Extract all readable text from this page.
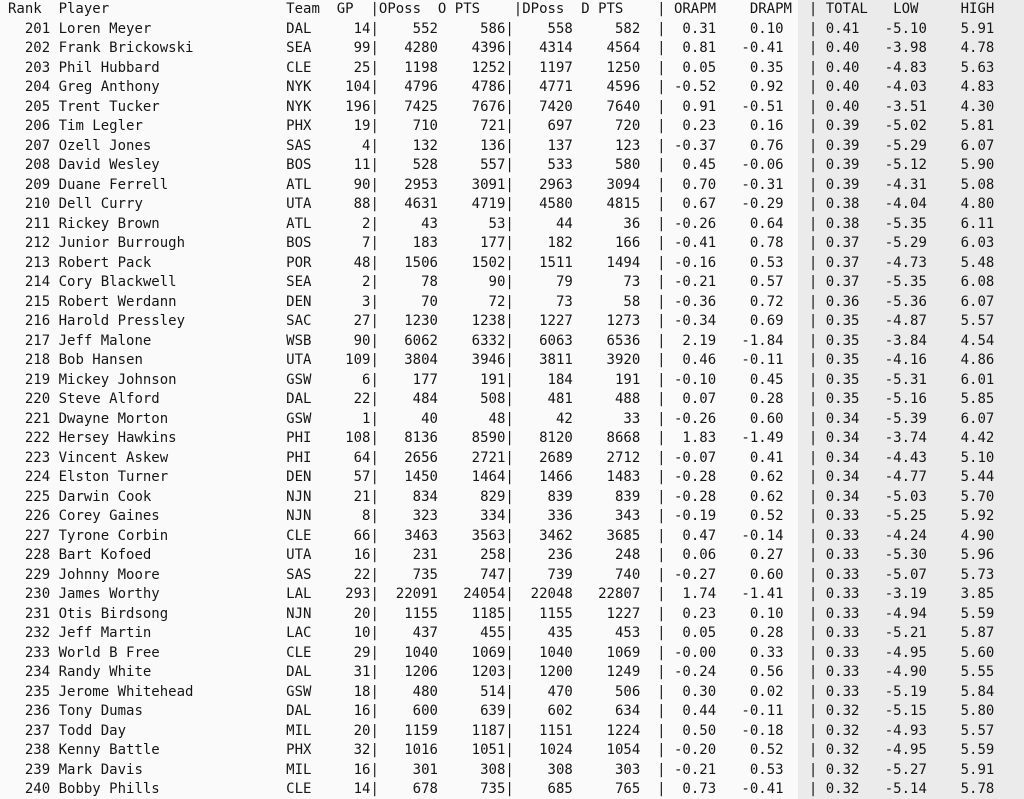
Rank Player	Team GP |OPoss O PTS |DPoss D PTS | ORAPM DRAPM | TOTAL LOW	HIGH
201 Loren Meyer                DAL     14|    552     586|    558     582  |  0.31    0.10   | 0.41   -5.10    5.91
202 Frank Brickowski           SEA     99|   4280    4396|   4314    4564  |  0.81   -0.41   | 0.40   -3.98    4.78
203 Phil Hubbard               CLE     25|   1198    1252|   1197    1250  |  0.05    0.35   | 0.40   -4.83    5.63
204 Greg Anthony               NYK    104|   4796    4786|   4771    4596  | -0.52    0.92   | 0.40   -4.03    4.83
205 Trent Tucker               NYK    196|   7425    7676|   7420    7640  |  0.91   -0.51   | 0.40   -3.51    4.30
206 Tim Legler                 PHX     19|    710     721|    697     720  |  0.23    0.16   | 0.39   -5.02    5.81
207 Ozell Jones                SAS      4|    132     136|    137     123  | -0.37    0.76   | 0.39   -5.29    6.07
208 David Wesley               BOS     11|    528     557|    533     580  |  0.45   -0.06   | 0.39   -5.12    5.90
209 Duane Ferrell              ATL     90|   2953    3091|   2963    3094  |  0.70   -0.31   | 0.39   -4.31    5.08
210 Dell Curry                 UTA     88|   4631    4719|   4580    4815  |  0.67   -0.29   | 0.38   -4.04    4.80
211 Rickey Brown               ATL      2|     43      53|     44      36  | -0.26    0.64   | 0.38   -5.35    6.11
212 Junior Burrough            BOS      7|    183     177|    182     166  | -0.41    0.78   | 0.37   -5.29    6.03
213 Robert Pack                POR     48|   1506    1502|   1511    1494  | -0.16    0.53   | 0.37   -4.73    5.48
214 Cory Blackwell             SEA      2|     78      90|     79      73  | -0.21    0.57   | 0.37   -5.35    6.08
215 Robert Werdann             DEN      3|     70      72|     73      58  | -0.36    0.72   | 0.36   -5.36    6.07
216 Harold Pressley            SAC     27|   1230    1238|   1227    1273  | -0.34    0.69   | 0.35   -4.87    5.57
217 Jeff Malone                WSB     90|   6062    6332|   6063    6536  |  2.19   -1.84   | 0.35   -3.84    4.54
218 Bob Hansen                 UTA    109|   3804    3946|   3811    3920  |  0.46   -0.11   | 0.35   -4.16    4.86
219 Mickey Johnson             GSW      6|    177     191|    184     191  | -0.10    0.45   | 0.35   -5.31    6.01
220 Steve Alford               DAL     22|    484     508|    481     488  |  0.07    0.28   | 0.35   -5.16    5.85
221 Dwayne Morton              GSW      1|     40      48|     42      33  | -0.26    0.60   | 0.34   -5.39    6.07
222 Hersey Hawkins             PHI    108|   8136    8590|   8120    8668  |  1.83   -1.49   | 0.34   -3.74    4.42
223 Vincent Askew              PHI     64|   2656    2721|   2689    2712  | -0.07    0.41   | 0.34   -4.43    5.10
224 Elston Turner              DEN     57|   1450    1464|   1466    1483  | -0.28    0.62   | 0.34   -4.77    5.44
225 Darwin Cook                NJN     21|    834     829|    839     839  | -0.28    0.62   | 0.34   -5.03    5.70
226 Corey Gaines               NJN      8|    323     334|    336     343  | -0.19    0.52   | 0.33   -5.25    5.92
227 Tyrone Corbin              CLE     66|   3463    3563|   3462    3685  |  0.47   -0.14   | 0.33   -4.24    4.90
228 Bart Kofoed                UTA     16|    231     258|    236     248  |  0.06    0.27   | 0.33   -5.30    5.96
229 Johnny Moore               SAS     22|    735     747|    739     740  | -0.27    0.60   | 0.33   -5.07    5.73
230 James Worthy               LAL    293|  22091   24054|  22048   22807  |  1.74   -1.41   | 0.33   -3.19    3.85
231 Otis Birdsong              NJN     20|   1155    1185|   1155    1227  |  0.23    0.10   | 0.33   -4.94    5.59
232 Jeff Martin                LAC     10|    437     455|    435     453  |  0.05    0.28   | 0.33   -5.21    5.87
233 World B Free               CLE     29|   1040    1069|   1040    1069  | -0.00    0.33   | 0.33   -4.95    5.60
234 Randy White                DAL     31|   1206    1203|   1200    1249  | -0.24    0.56   | 0.33   -4.90    5.55
235 Jerome Whitehead           GSW     18|    480     514|    470     506  |  0.30    0.02   | 0.33   -5.19    5.84
236 Tony Dumas                 DAL     16|    600     639|    602     634  |  0.44   -0.11   | 0.32   -5.15    5.80
237 Todd Day                   MIL     20|   1159    1187|   1151    1224  |  0.50   -0.18   | 0.32   -4.93    5.57
238 Kenny Battle               PHX     32|   1016    1051|   1024    1054  | -0.20    0.52   | 0.32   -4.95    5.59
239 Mark Davis                 MIL     16|    301     308|    308     303  | -0.21    0.53   | 0.32   -5.27    5.91
240 Bobby Phills               CLE     14|    678     735|    685     765  |  0.73   -0.41   | 0.32   -5.14    5.78
